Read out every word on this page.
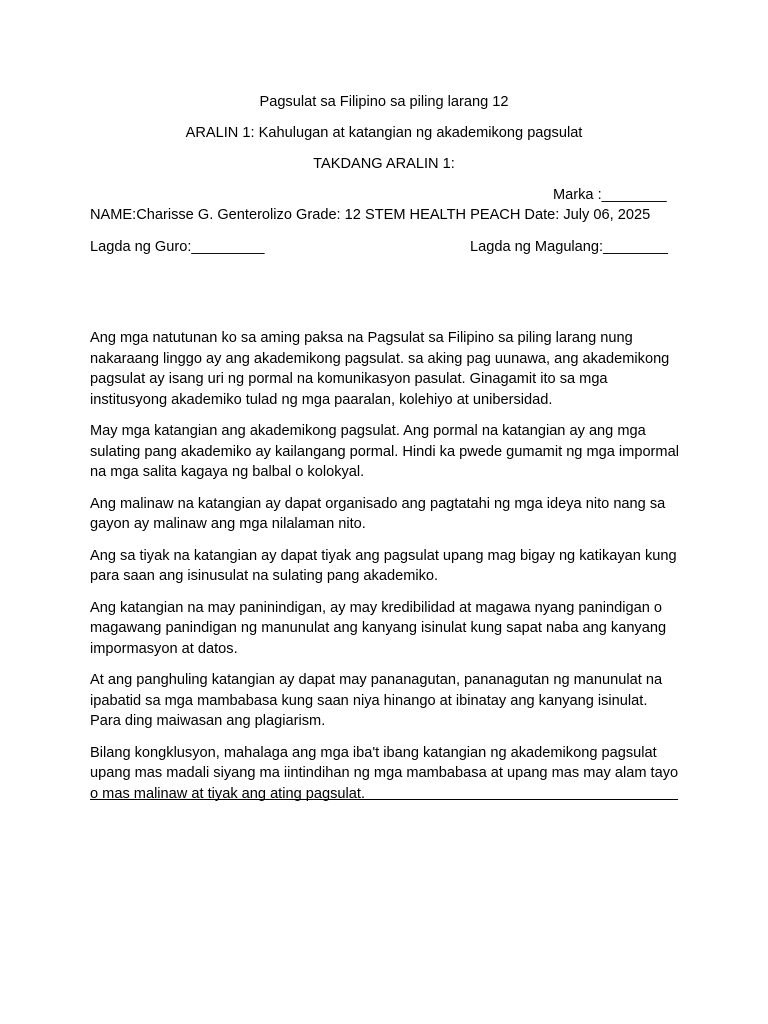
Pagsulat sa Filipino sa piling larang 12
ARALIN 1: Kahulugan at katangian ng akademikong pagsulat
TAKDANG ARALIN 1:
Marka :________
NAME:Charisse G. Genterolizo Grade: 12 STEM HEALTH PEACH Date: July 06, 2025
Lagda ng Guro:_________	Lagda ng Magulang:________

Ang mga natutunan ko sa aming paksa na Pagsulat sa Filipino sa piling larang nung nakaraang linggo ay ang akademikong pagsulat. sa aking pag uunawa, ang akademikong pagsulat ay isang uri ng pormal na komunikasyon pasulat. Ginagamit ito sa mga institusyong akademiko tulad ng mga paaralan, kolehiyo at unibersidad.

May mga katangian ang akademikong pagsulat. Ang pormal na katangian ay ang mga sulating pang akademiko ay kailangang pormal. Hindi ka pwede gumamit ng mga impormal na mga salita kagaya ng balbal o kolokyal.

Ang malinaw na katangian ay dapat organisado ang pagtatahi ng mga ideya nito nang sa gayon ay malinaw ang mga nilalaman nito.

Ang sa tiyak na katangian ay dapat tiyak ang pagsulat upang mag bigay ng katikayan kung para saan ang isinusulat na sulating pang akademiko.

Ang katangian na may paninindigan, ay may kredibilidad at magawa nyang panindigan o magawang panindigan ng manunulat ang kanyang isinulat kung sapat naba ang kanyang impormasyon at datos.

At ang panghuling katangian ay dapat may pananagutan, pananagutan ng manunulat na ipabatid sa mga mambabasa kung saan niya hinango at ibinatay ang kanyang isinulat. Para ding maiwasan ang plagiarism.

Bilang kongklusyon, mahalaga ang mga iba't ibang katangian ng akademikong pagsulat upang mas madali siyang ma iintindihan ng mga mambabasa at upang mas may alam tayo o mas malinaw at tiyak ang ating pagsulat.
